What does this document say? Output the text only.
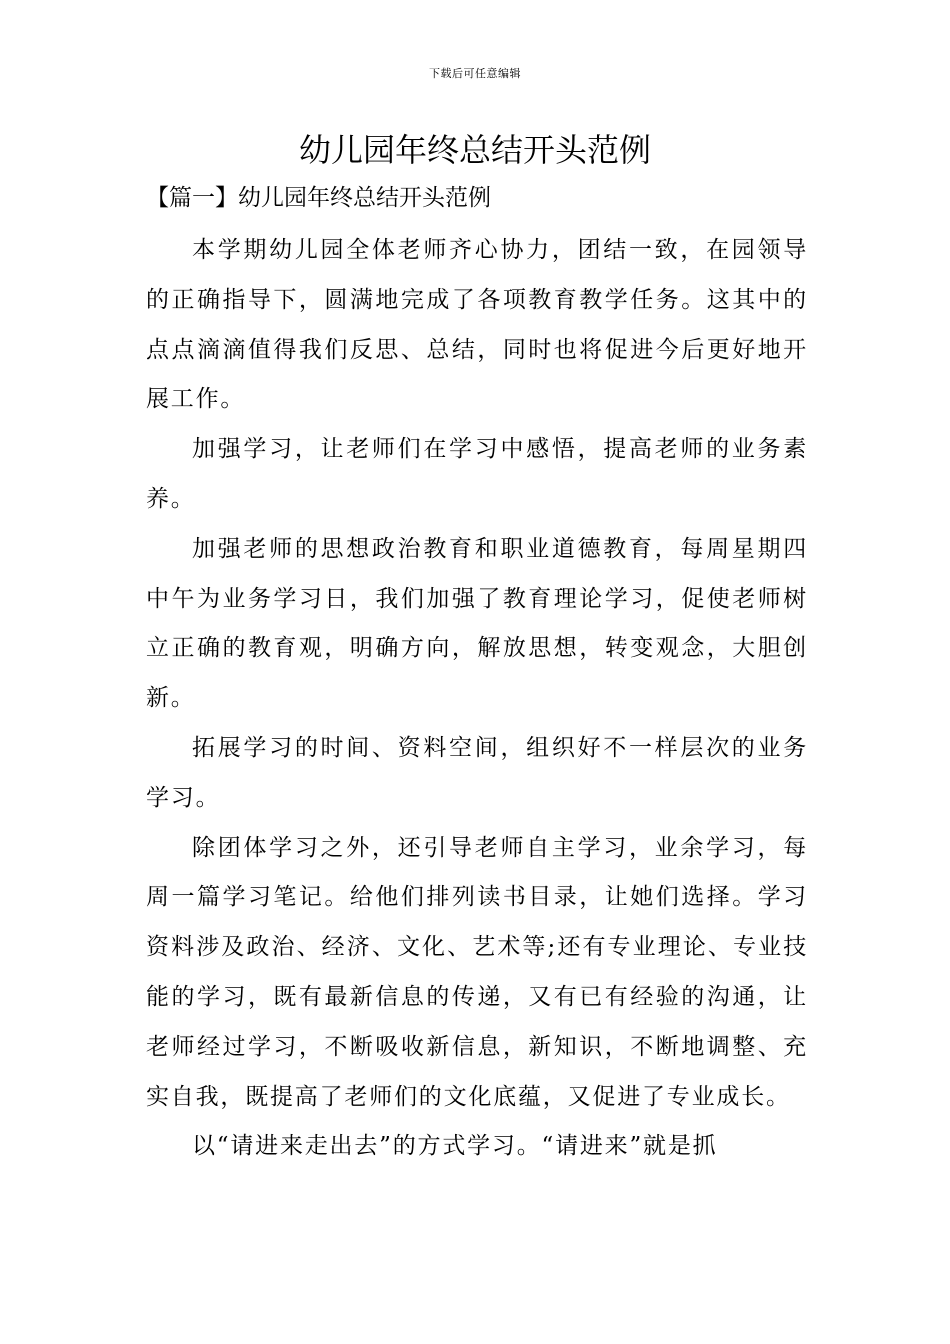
下载后可任意编辑
幼儿园年终总结开头范例
【篇一】幼儿园年终总结开头范例

本学期幼儿园全体老师齐心协力，团结一致，在园领导的正确指导下，圆满地完成了各项教育教学任务。这其中的点点滴滴值得我们反思、总结，同时也将促进今后更好地开展工作。

加强学习，让老师们在学习中感悟，提高老师的业务素养。

加强老师的思想政治教育和职业道德教育，每周星期四中午为业务学习日，我们加强了教育理论学习，促使老师树立正确的教育观，明确方向，解放思想，转变观念，大胆创新。

拓展学习的时间、资料空间，组织好不一样层次的业务学习。

除团体学习之外，还引导老师自主学习，业余学习，每周一篇学习笔记。给他们排列读书目录，让她们选择。学习资料涉及政治、经济、文化、艺术等;还有专业理论、专业技能的学习，既有最新信息的传递，又有已有经验的沟通，让老师经过学习，不断吸收新信息，新知识，不断地调整、充实自我，既提高了老师们的文化底蕴，又促进了专业成长。

以“请进来走出去”的方式学习。“请进来”就是抓
